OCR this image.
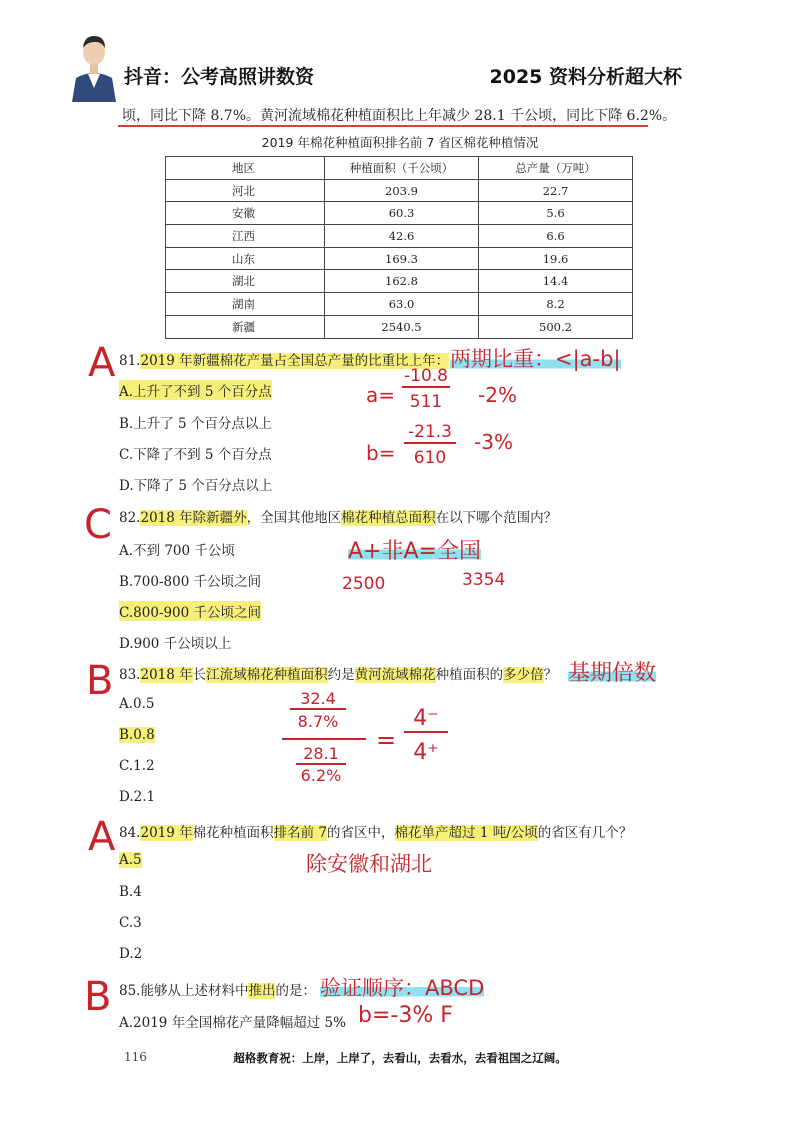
抖音：公考高照讲数资	2025 资料分析超大杯
顷，同比下降 8.7%。黄河流域棉花种植面积比上年减少 28.1 千公顷，同比下降 6.2%。
2019 年棉花种植面积排名前 7 省区棉花种植情况
地区	种植面积（千公顷）	总产量（万吨）
河北	203.9	22.7
安徽	60.3	5.6
江西	42.6	6.6
山东	169.3	19.6
湖北	162.8	14.4
湖南	63.0	8.2
新疆	2540.5	500.2
A 81.2019 年新疆棉花产量占全国总产量的比重比上年： 两期比重：<|a-b|
A.上升了不到 5 个百分点
B.上升了 5 个百分点以上
C.下降了不到 5 个百分点
D.下降了 5 个百分点以上
a=
-10.8
511	-2%
b=
-21.3
610
-3%
C 82.2018 年除新疆外，全国其他地区棉花种植总面积在以下哪个范围内？
A.不到 700 千公顷
B.700-800 千公顷之间
C.800-900 千公顷之间
D.900 千公顷以上
A+非A=全国
2500	3354
B 83.2018 年长江流域棉花种植面积约是黄河流域棉花种植面积的多少倍？ 基期倍数
A.0.5
B.0.8
C.1.2
D.2.1
32.4
8.7%
28.1
6.2%
=
4⁻
4⁺
A 84.2019 年棉花种植面积排名前 7的省区中，棉花单产超过 1 吨/公顷的省区有几个？
A.5	除安徽和湖北
B.4
C.3
D.2
B 85.能够从上述材料中推出的是： 验证顺序：ABCD
A.2019 年全国棉花产量降幅超过 5% b=-3% F
116	超格教育祝：上岸，上岸了，去看山，去看水，去看祖国之辽阔。
